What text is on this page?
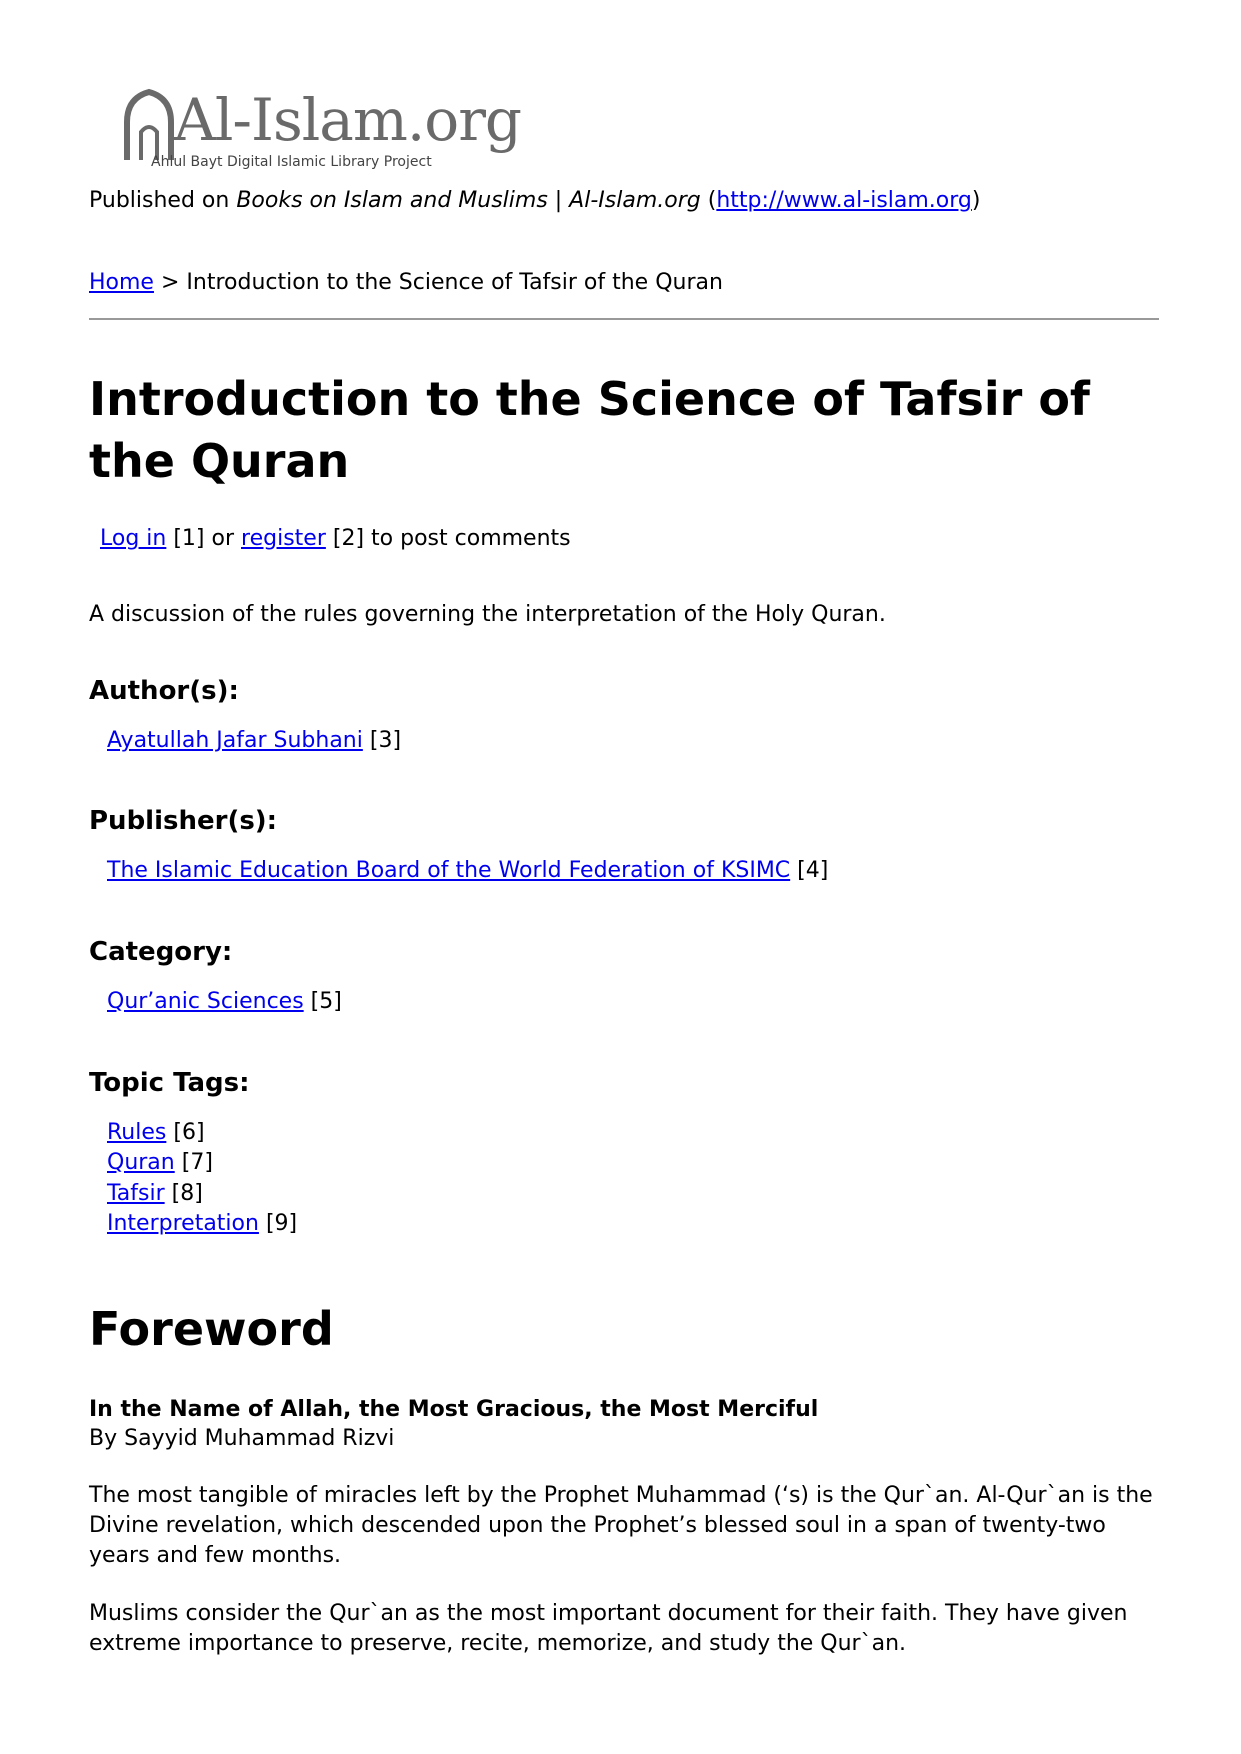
Al-Islam.org
Ahlul Bayt Digital Islamic Library Project
Published on Books on Islam and Muslims | Al-Islam.org (http://www.al-islam.org)
Home > Introduction to the Science of Tafsir of the Quran
Introduction to the Science of Tafsir of the Quran
Log in [1] or register [2] to post comments
A discussion of the rules governing the interpretation of the Holy Quran.
Author(s):
Ayatullah Jafar Subhani [3]
Publisher(s):
The Islamic Education Board of the World Federation of KSIMC [4]
Category:
Qur’anic Sciences [5]
Topic Tags:
Rules [6]
Quran [7]
Tafsir [8]
Interpretation [9]
Foreword
In the Name of Allah, the Most Gracious, the Most Merciful
By Sayyid Muhammad Rizvi

The most tangible of miracles left by the Prophet Muhammad (‘s) is the Qur`an. Al-Qur`an is the Divine revelation, which descended upon the Prophet’s blessed soul in a span of twenty-two years and few months.

Muslims consider the Qur`an as the most important document for their faith. They have given extreme importance to preserve, recite, memorize, and study the Qur`an.
